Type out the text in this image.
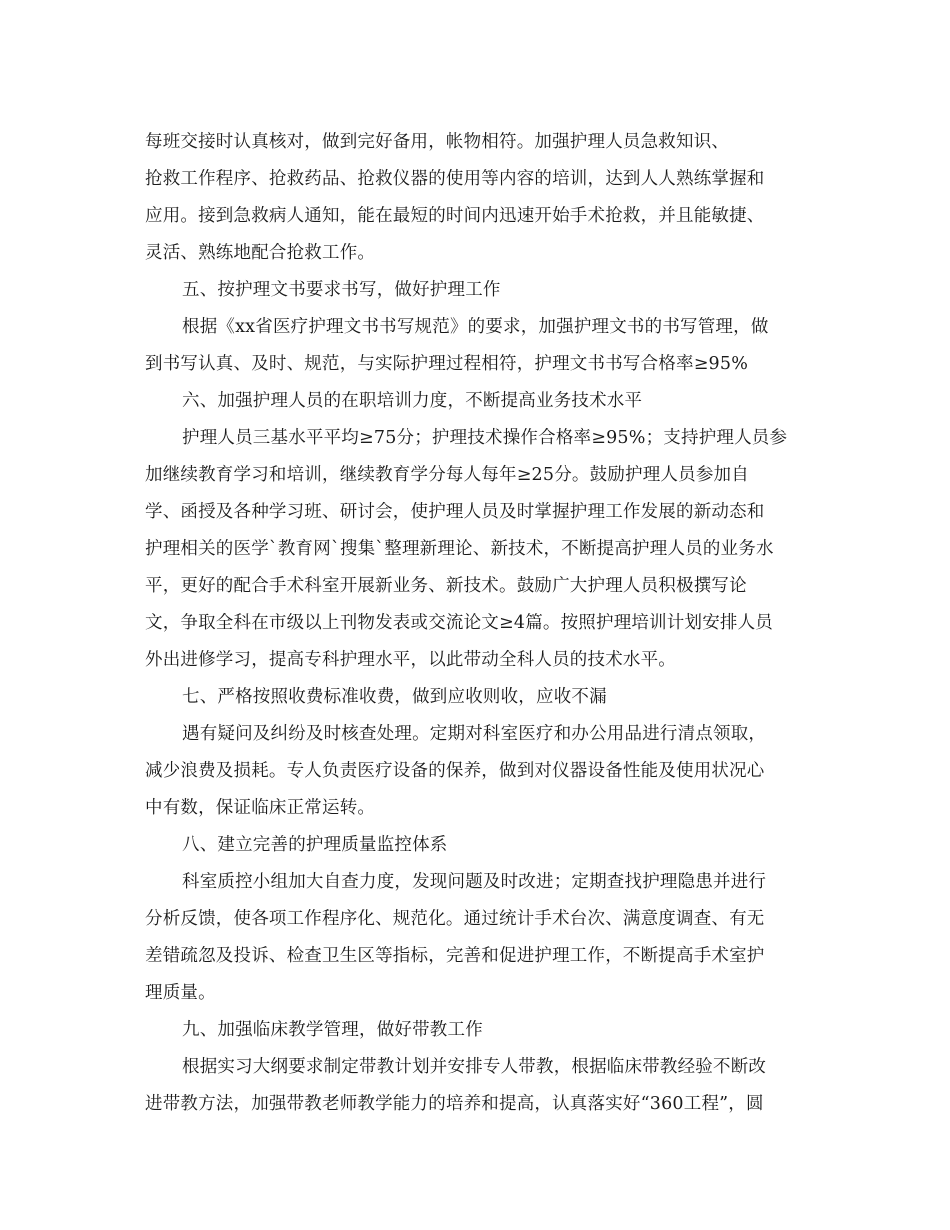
每班交接时认真核对，做到完好备用，帐物相符。加强护理人员急救知识、
抢救工作程序、抢救药品、抢救仪器的使用等内容的培训，达到人人熟练掌握和
应用。接到急救病人通知，能在最短的时间内迅速开始手术抢救，并且能敏捷、
灵活、熟练地配合抢救工作。
五、按护理文书要求书写，做好护理工作
根据《xx省医疗护理文书书写规范》的要求，加强护理文书的书写管理，做
到书写认真、及时、规范，与实际护理过程相符，护理文书书写合格率≥95%
六、加强护理人员的在职培训力度，不断提高业务技术水平
护理人员三基水平平均≥75分；护理技术操作合格率≥95%；支持护理人员参
加继续教育学习和培训，继续教育学分每人每年≥25分。鼓励护理人员参加自
学、函授及各种学习班、研讨会，使护理人员及时掌握护理工作发展的新动态和
护理相关的医学`教育网`搜集`整理新理论、新技术，不断提高护理人员的业务水
平，更好的配合手术科室开展新业务、新技术。鼓励广大护理人员积极撰写论
文，争取全科在市级以上刊物发表或交流论文≥4篇。按照护理培训计划安排人员
外出进修学习，提高专科护理水平，以此带动全科人员的技术水平。
七、严格按照收费标准收费，做到应收则收，应收不漏
遇有疑问及纠纷及时核查处理。定期对科室医疗和办公用品进行清点领取，
减少浪费及损耗。专人负责医疗设备的保养，做到对仪器设备性能及使用状况心
中有数，保证临床正常运转。
八、建立完善的护理质量监控体系
科室质控小组加大自查力度，发现问题及时改进；定期查找护理隐患并进行
分析反馈，使各项工作程序化、规范化。通过统计手术台次、满意度调查、有无
差错疏忽及投诉、检查卫生区等指标，完善和促进护理工作，不断提高手术室护
理质量。
九、加强临床教学管理，做好带教工作
根据实习大纲要求制定带教计划并安排专人带教，根据临床带教经验不断改
进带教方法，加强带教老师教学能力的培养和提高，认真落实好“360工程”，圆
